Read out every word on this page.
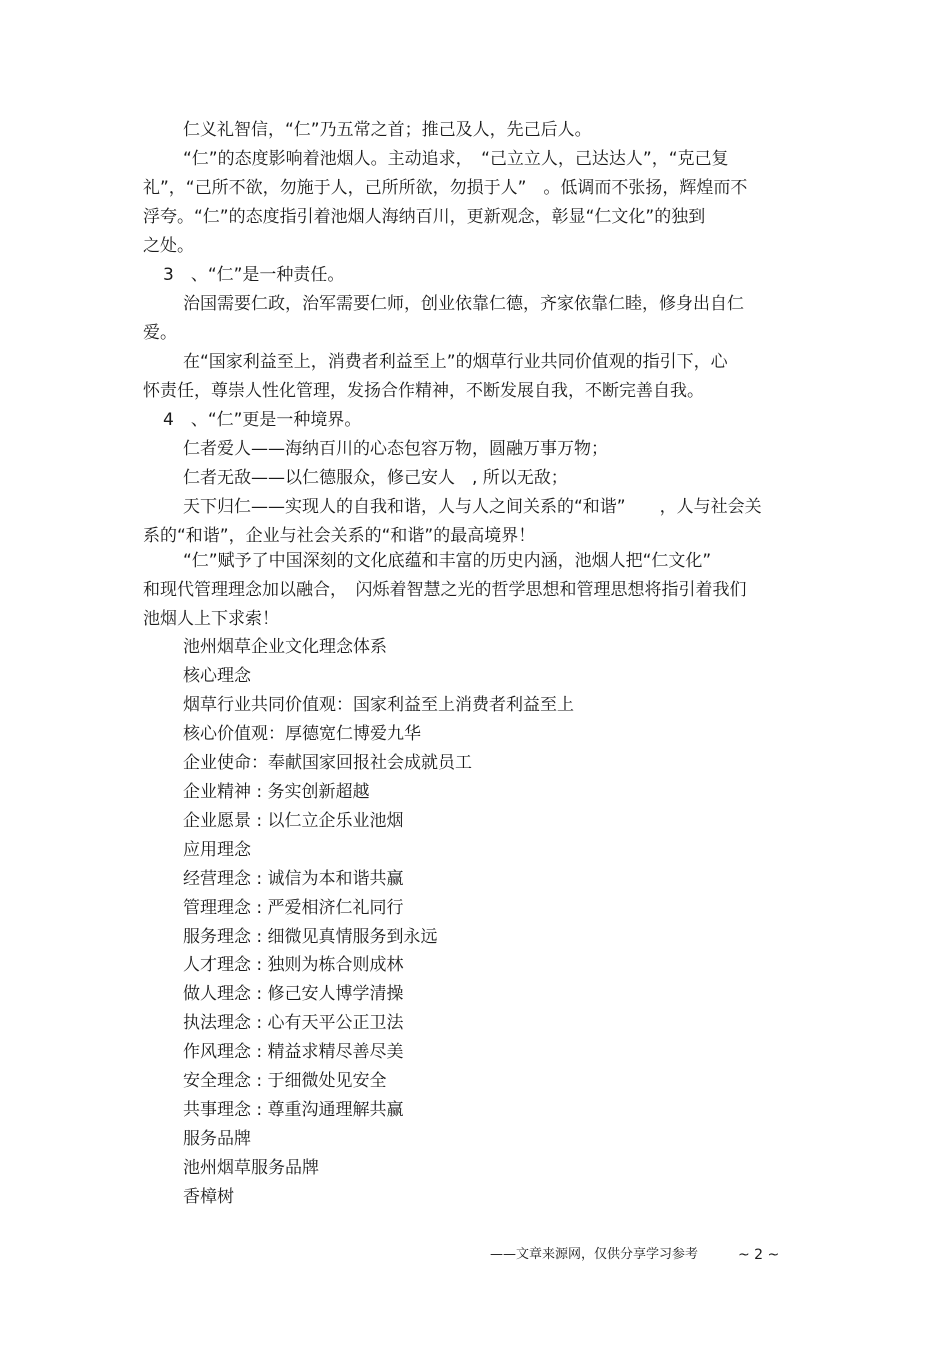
仁义礼智信，“仁”乃五常之首；推己及人，先己后人。
“仁”的态度影响着池烟人。主动追求，　“己立立人，己达达人”，“克己复
礼”，“己所不欲，勿施于人，己所所欲，勿损于人”　。低调而不张扬，辉煌而不
浮夸。“仁”的态度指引着池烟人海纳百川，更新观念，彰显“仁文化”的独到
之处。
3　、“仁”是一种责任。
治国需要仁政，治军需要仁师，创业依靠仁德，齐家依靠仁睦，修身出自仁
爱。
在“国家利益至上，消费者利益至上”的烟草行业共同价值观的指引下，心
怀责任，尊崇人性化管理，发扬合作精神，不断发展自我，不断完善自我。
4　、“仁”更是一种境界。
仁者爱人——海纳百川的心态包容万物，圆融万事万物；
仁者无敌——以仁德服众，修己安人　, 所以无敌；
天下归仁——实现人的自我和谐，人与人之间关系的“和谐”　　，人与社会关
系的“和谐”，企业与社会关系的“和谐”的最高境界！
“仁”赋予了中国深刻的文化底蕴和丰富的历史内涵，池烟人把“仁文化”
和现代管理理念加以融合，　闪烁着智慧之光的哲学思想和管理思想将指引着我们
池烟人上下求索！
池州烟草企业文化理念体系
核心理念
烟草行业共同价值观：国家利益至上消费者利益至上
核心价值观：厚德宽仁博爱九华
企业使命：奉献国家回报社会成就员工
企业精神 : 务实创新超越
企业愿景 : 以仁立企乐业池烟
应用理念
经营理念 : 诚信为本和谐共赢
管理理念 : 严爱相济仁礼同行
服务理念 : 细微见真情服务到永远
人才理念 : 独则为栋合则成林
做人理念 : 修己安人博学清操
执法理念 : 心有天平公正卫法
作风理念 : 精益求精尽善尽美
安全理念 : 于细微处见安全
共事理念 : 尊重沟通理解共赢
服务品牌
池州烟草服务品牌
香樟树
——文章来源网，仅供分享学习参考	~ 2 ~
